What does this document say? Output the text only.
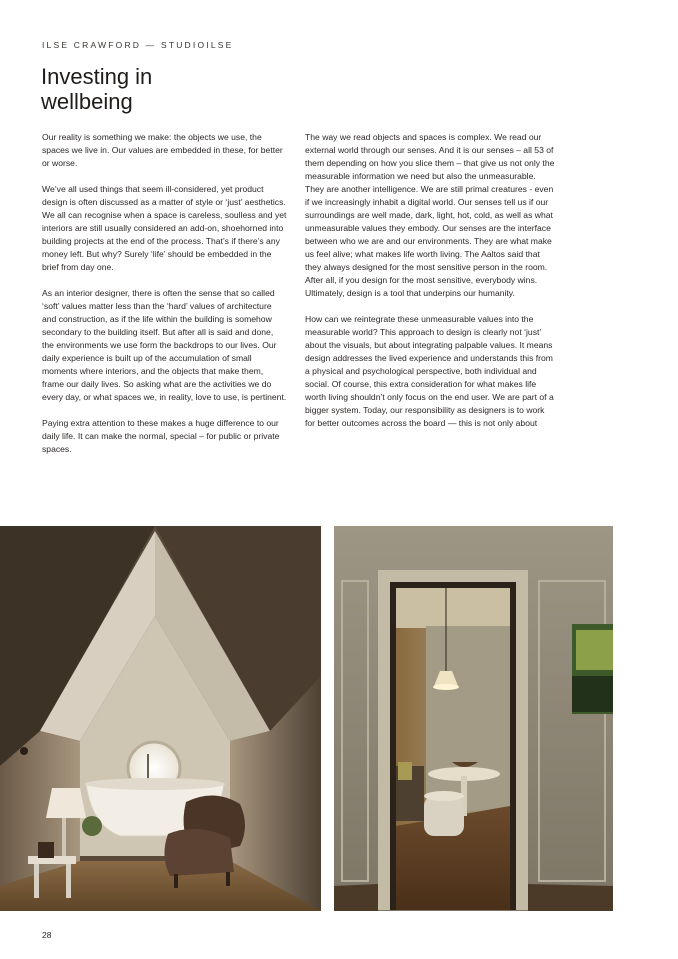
ILSE CRAWFORD — STUDIOILSE
Investing in wellbeing

Our reality is something we make: the objects we use, the spaces we live in. Our values are embedded in these, for better or worse.

We’ve all used things that seem ill-considered, yet product design is often discussed as a matter of style or ‘just’ aesthetics. We all can recognise when a space is careless, soulless and yet interiors are still usually considered an add-on, shoehorned into building projects at the end of the process. That’s if there’s any money left. But why? Surely ‘life’ should be embedded in the brief from day one.

As an interior designer, there is often the sense that so called ‘soft’ values matter less than the ‘hard’ values of architecture and construction, as if the life within the building is somehow secondary to the building itself. But after all is said and done, the environments we use form the backdrops to our lives. Our daily experience is built up of the accumulation of small moments where interiors, and the objects that make them, frame our daily lives. So asking what are the activities we do every day, or what spaces we, in reality, love to use, is pertinent.

Paying extra attention to these makes a huge difference to our daily life. It can make the normal, special – for public or private spaces.

The way we read objects and spaces is complex. We read our external world through our senses. And it is our senses – all 53 of them depending on how you slice them – that give us not only the measurable information we need but also the unmeasurable. They are another intelligence. We are still primal creatures - even if we increasingly inhabit a digital world. Our senses tell us if our surroundings are well made, dark, light, hot, cold, as well as what unmeasurable values they embody. Our senses are the interface between who we are and our environments. They are what make us feel alive; what makes life worth living. The Aaltos said that they always designed for the most sensitive person in the room. After all, if you design for the most sensitive, everybody wins. Ultimately, design is a tool that underpins our humanity.

How can we reintegrate these unmeasurable values into the measurable world? This approach to design is clearly not ‘just’ about the visuals, but about integrating palpable values. It means design addresses the lived experience and understands this from a physical and psychological perspective, both individual and social. Of course, this extra consideration for what makes life worth living shouldn’t only focus on the end user. We are part of a bigger system. Today, our responsibility as designers is to work for better outcomes across the board — this is not only about

28
